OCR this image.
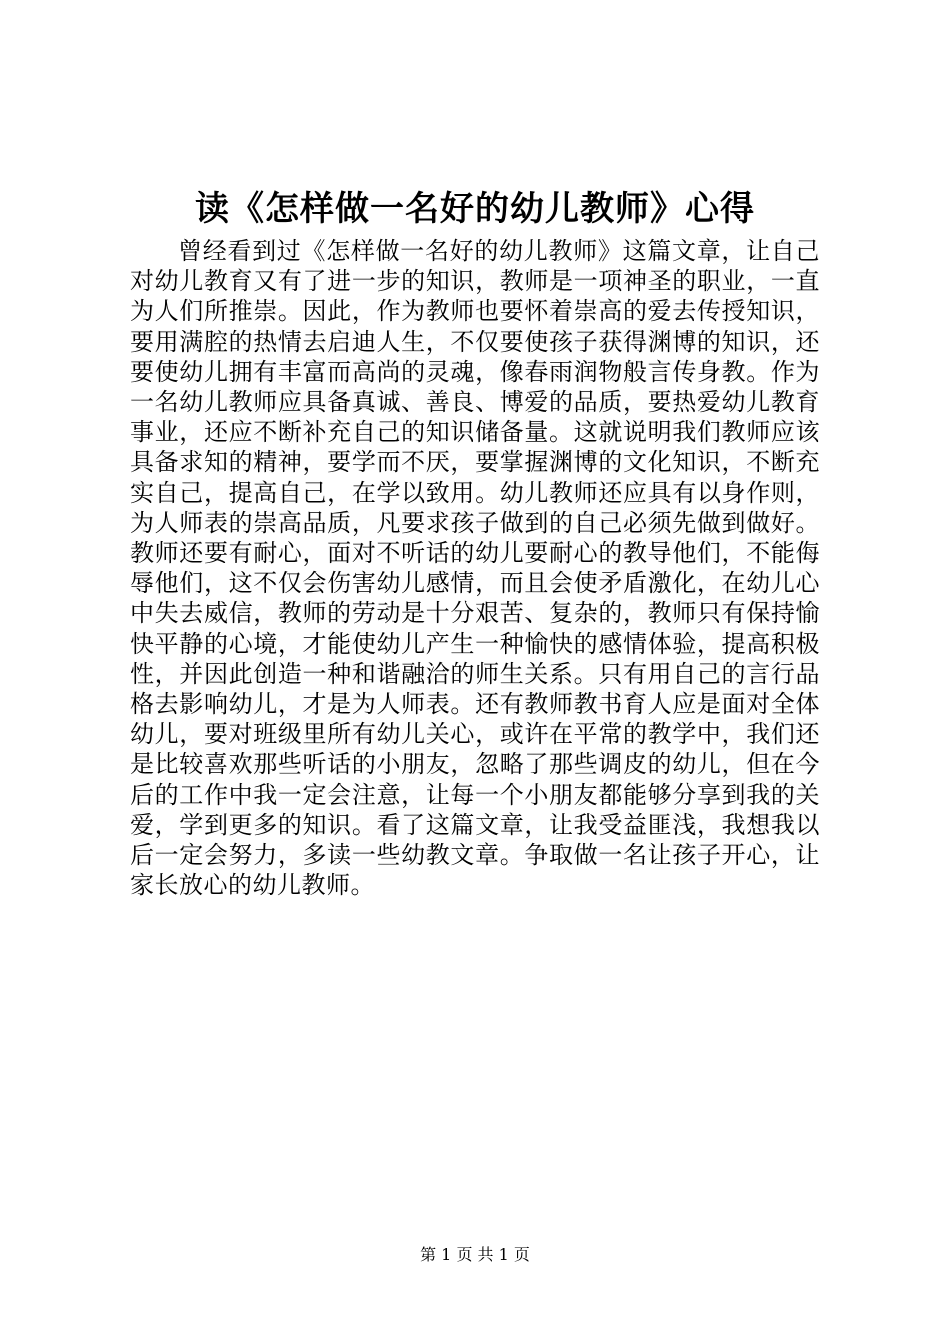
读《怎样做一名好的幼儿教师》心得

曾经看到过《怎样做一名好的幼儿教师》这篇文章，让自己对幼儿教育又有了进一步的知识，教师是一项神圣的职业，一直为人们所推崇。因此，作为教师也要怀着崇高的爱去传授知识，要用满腔的热情去启迪人生，不仅要使孩子获得渊博的知识，还要使幼儿拥有丰富而高尚的灵魂，像春雨润物般言传身教。作为一名幼儿教师应具备真诚、善良、博爱的品质，要热爱幼儿教育事业，还应不断补充自己的知识储备量。这就说明我们教师应该具备求知的精神，要学而不厌，要掌握渊博的文化知识，不断充实自己，提高自己，在学以致用。幼儿教师还应具有以身作则，为人师表的崇高品质，凡要求孩子做到的自己必须先做到做好。教师还要有耐心，面对不听话的幼儿要耐心的教导他们，不能侮辱他们，这不仅会伤害幼儿感情，而且会使矛盾激化，在幼儿心中失去威信，教师的劳动是十分艰苦、复杂的，教师只有保持愉快平静的心境，才能使幼儿产生一种愉快的感情体验，提高积极性，并因此创造一种和谐融洽的师生关系。只有用自己的言行品格去影响幼儿，才是为人师表。还有教师教书育人应是面对全体幼儿，要对班级里所有幼儿关心，或许在平常的教学中，我们还是比较喜欢那些听话的小朋友，忽略了那些调皮的幼儿，但在今后的工作中我一定会注意，让每一个小朋友都能够分享到我的关爱，学到更多的知识。看了这篇文章，让我受益匪浅，我想我以后一定会努力，多读一些幼教文章。争取做一名让孩子开心，让家长放心的幼儿教师。

第 1 页 共 1 页
